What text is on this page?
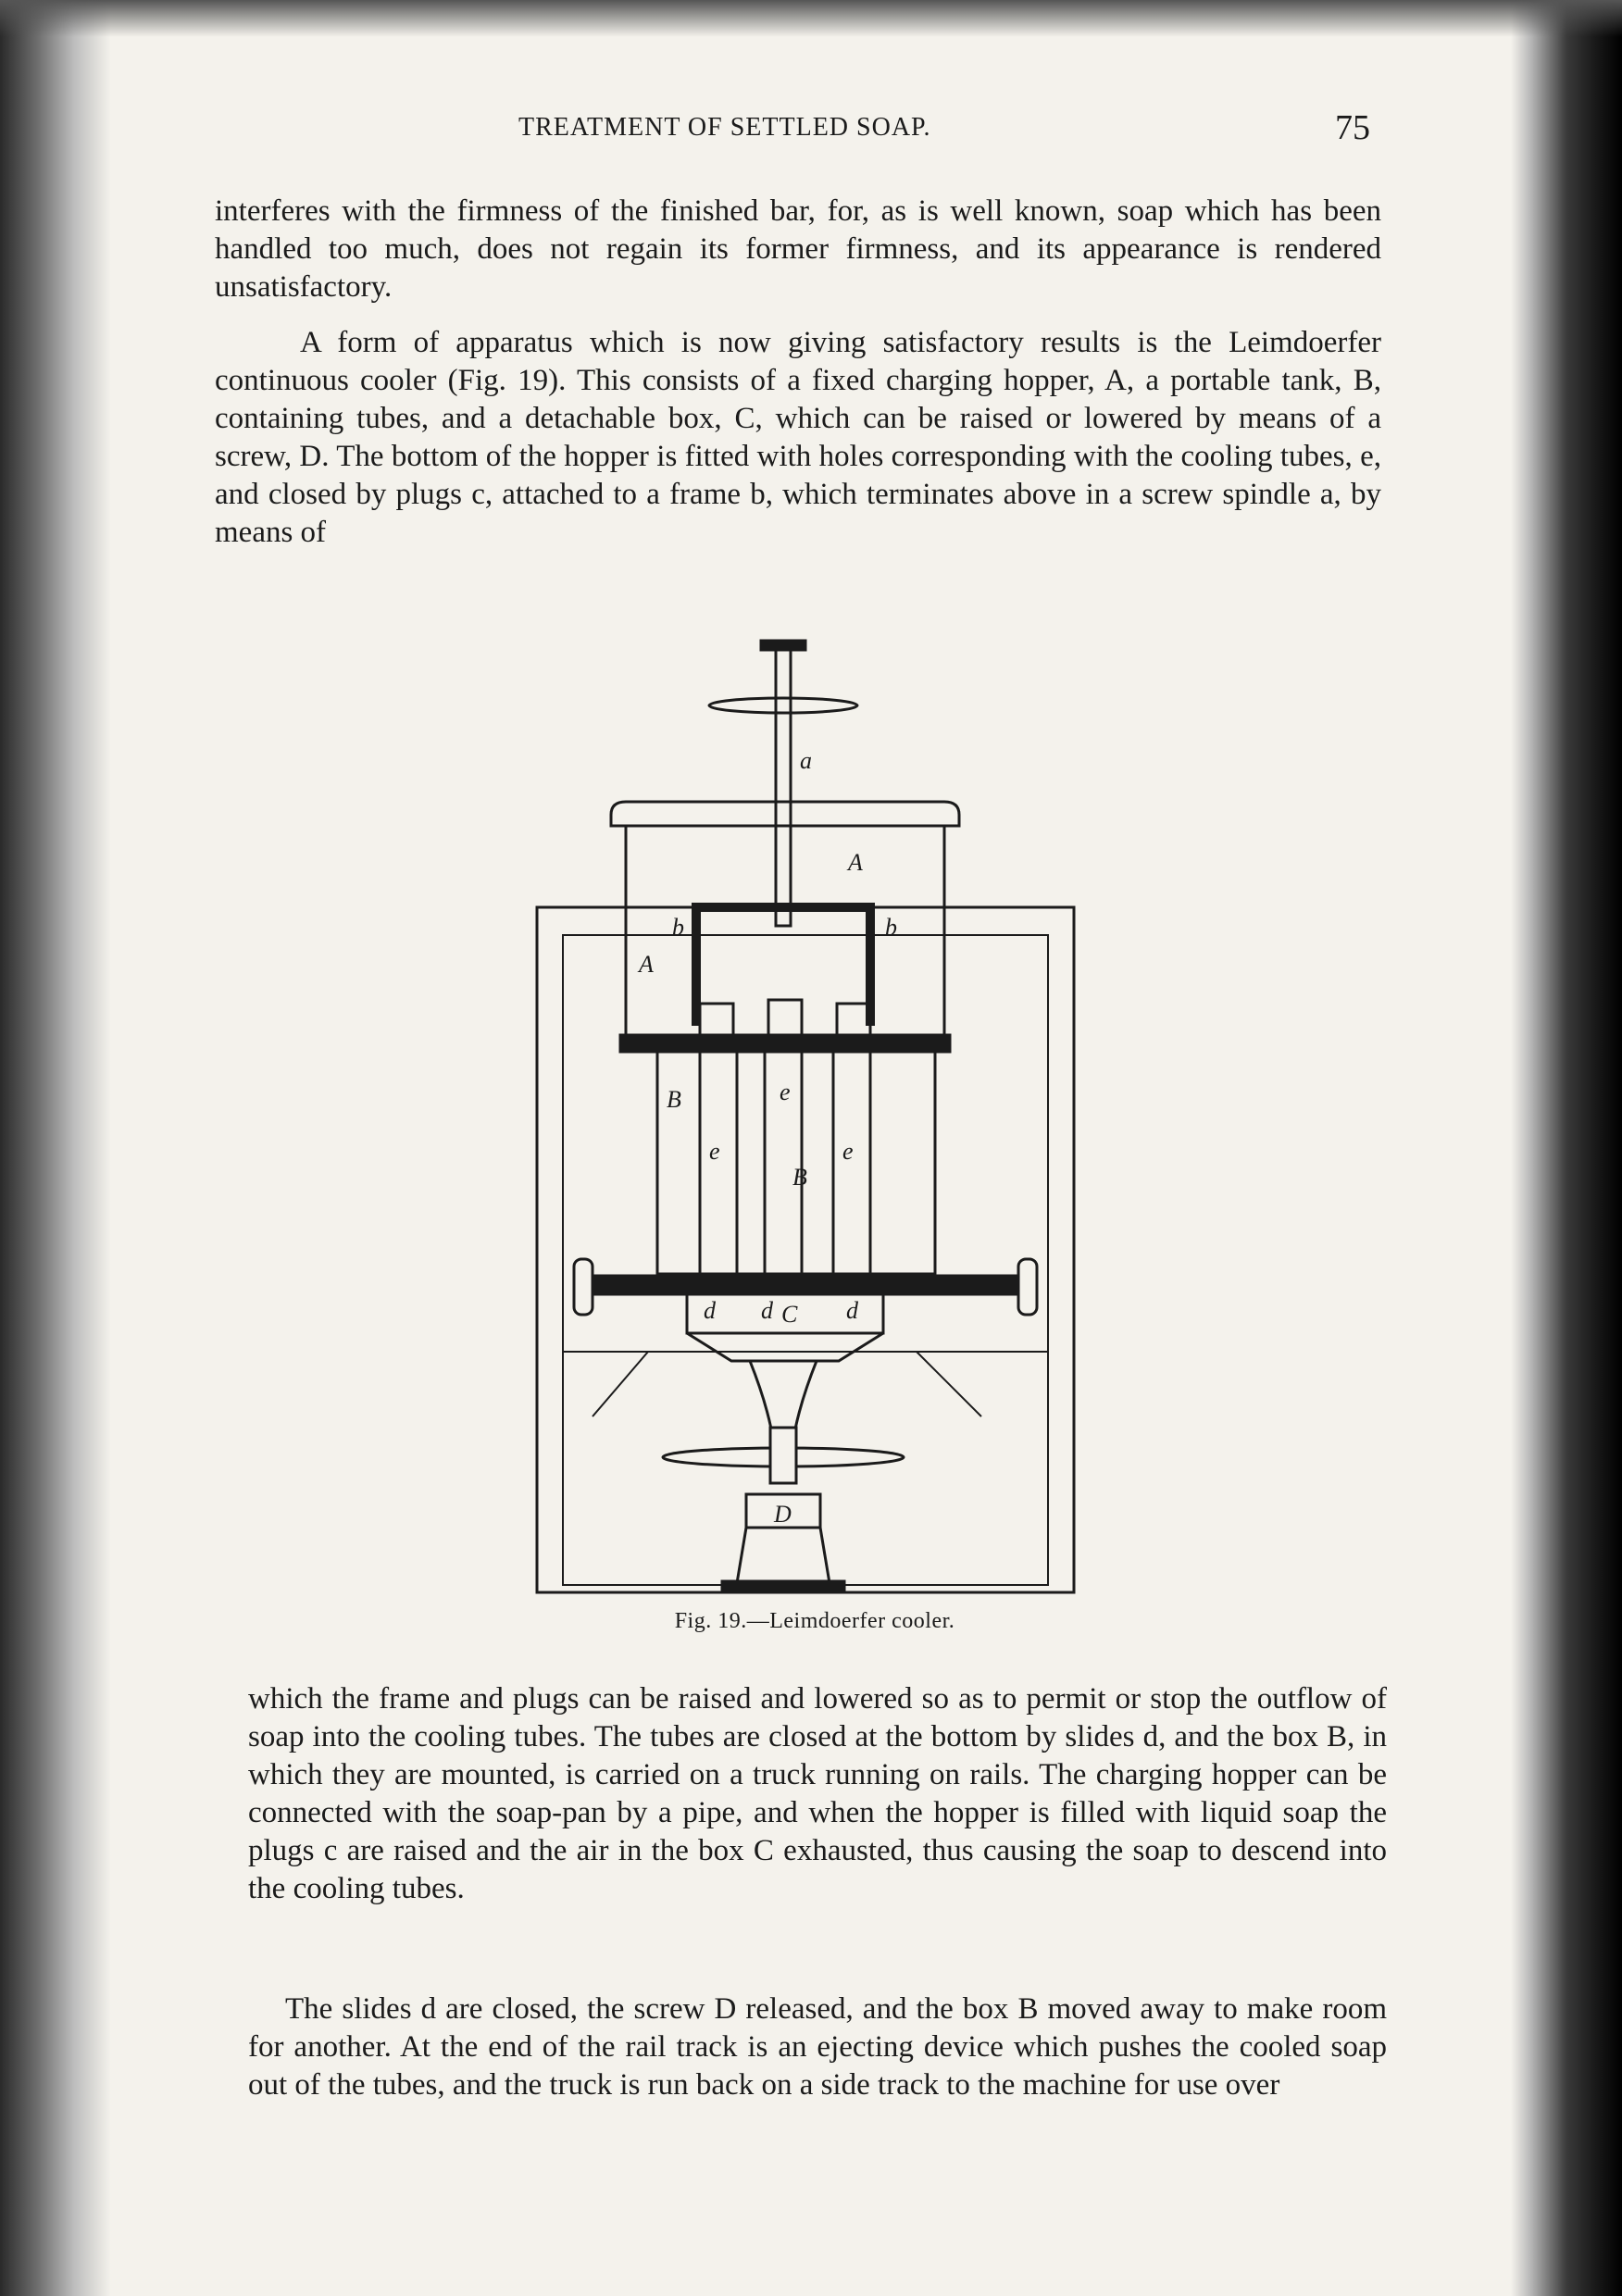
TREATMENT OF SETTLED SOAP.	75

interferes with the firmness of the finished bar, for, as is well known, soap which has been handled too much, does not regain its former firmness, and its appearance is rendered unsatisfactory.

A form of apparatus which is now giving satisfactory results is the Leimdoerfer continuous cooler (Fig. 19). This consists of a fixed charging hopper, A, a portable tank, B, containing tubes, and a detachable box, C, which can be raised or lowered by means of a screw, D. The bottom of the hopper is fitted with holes corresponding with the cooling tubes, e, and closed by plugs c, attached to a frame b, which terminates above in a screw spindle a, by means of

a
A
A
b	b
B	e
e
B
e
d d C d
D
Fig. 19.—Leimdoerfer cooler.

which the frame and plugs can be raised and lowered so as to permit or stop the outflow of soap into the cooling tubes. The tubes are closed at the bottom by slides d, and the box B, in which they are mounted, is carried on a truck running on rails. The charging hopper can be connected with the soap-pan by a pipe, and when the hopper is filled with liquid soap the plugs c are raised and the air in the box C exhausted, thus causing the soap to descend into the cooling tubes.

The slides d are closed, the screw D released, and the box B moved away to make room for another. At the end of the rail track is an ejecting device which pushes the cooled soap out of the tubes, and the truck is run back on a side track to the machine for use over
